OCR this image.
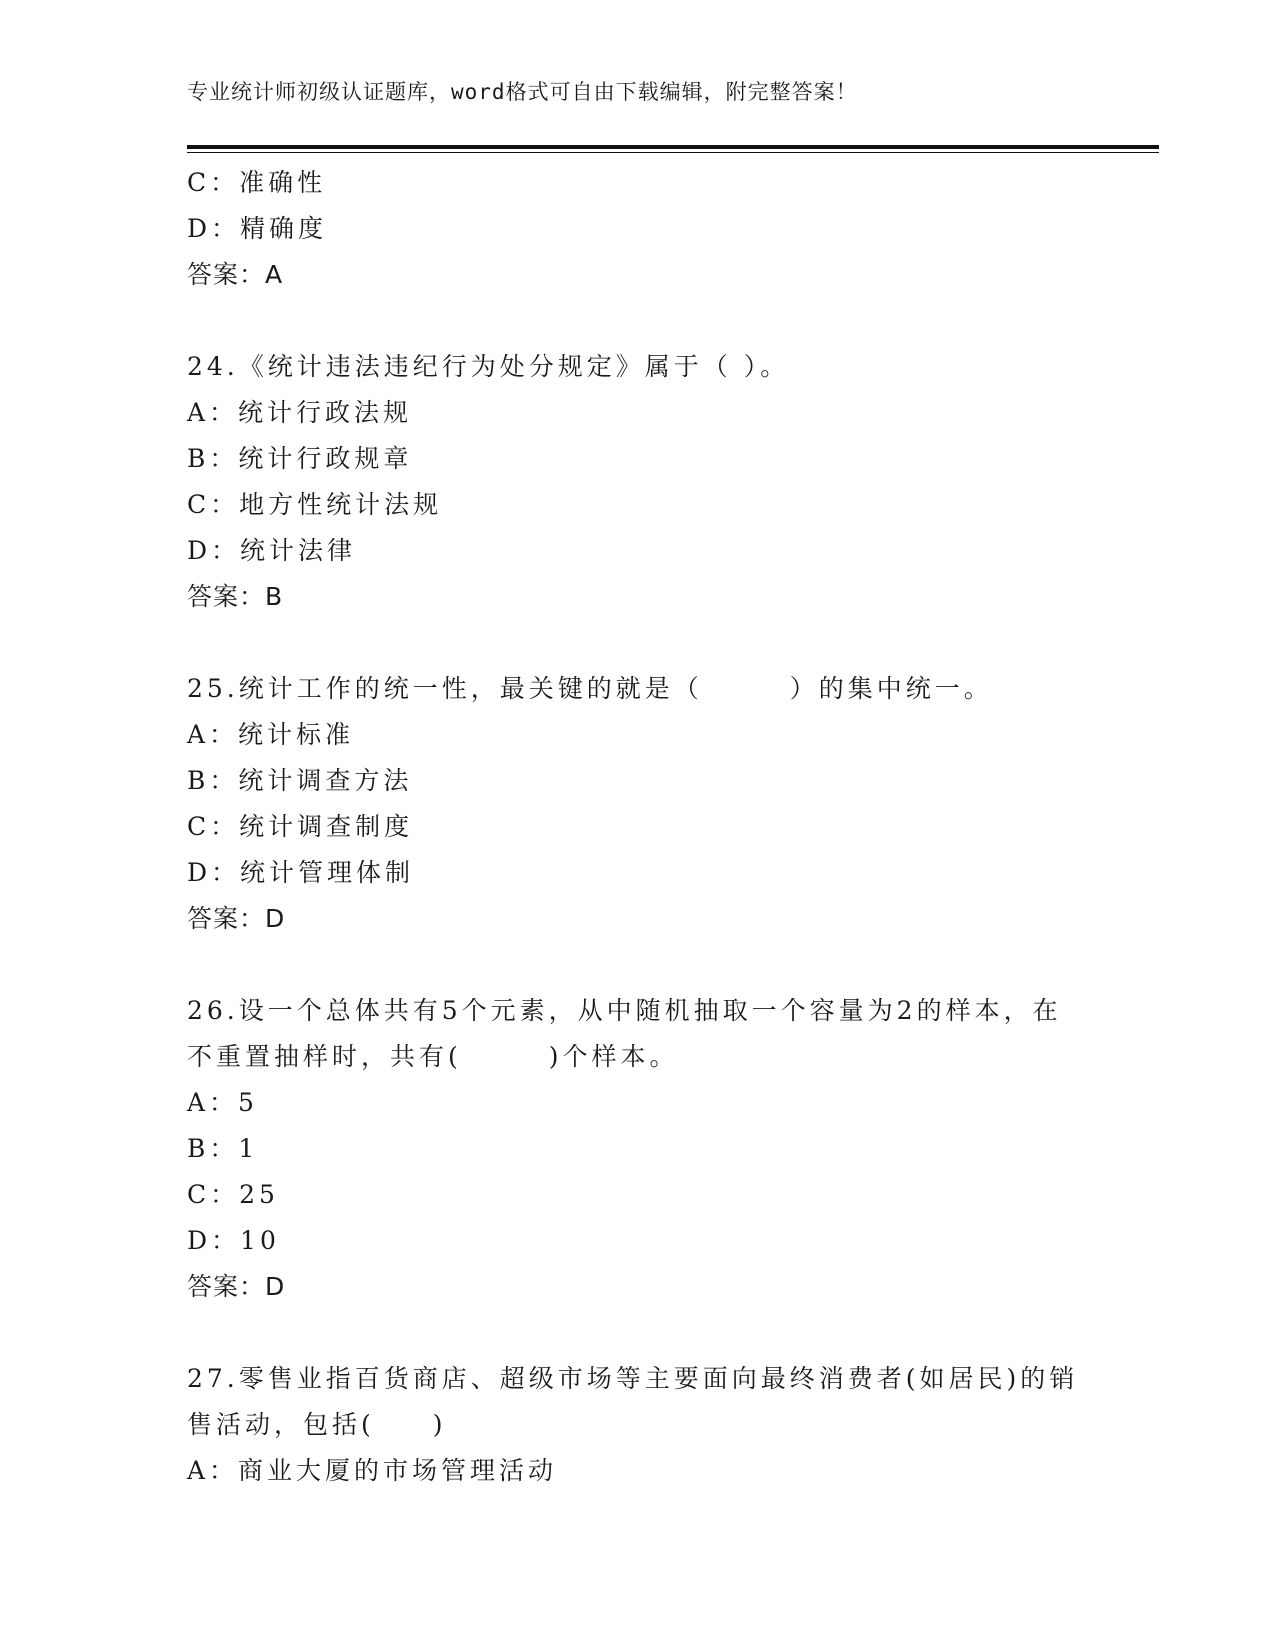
专业统计师初级认证题库，word格式可自由下载编辑，附完整答案！
C：准确性
D：精确度
答案：A
24.《统计违法违纪行为处分规定》属于（ ）。
A：统计行政法规
B：统计行政规章
C：地方性统计法规
D：统计法律
答案：B
25.统计工作的统一性，最关键的就是（　　　）的集中统一。
A：统计标准
B：统计调查方法
C：统计调查制度
D：统计管理体制
答案：D
26.设一个总体共有5个元素，从中随机抽取一个容量为2的样本，在
不重置抽样时，共有(　　　)个样本。
A：5
B：1
C：25
D：10
答案：D
27.零售业指百货商店、超级市场等主要面向最终消费者(如居民)的销
售活动，包括(　　)
A：商业大厦的市场管理活动
